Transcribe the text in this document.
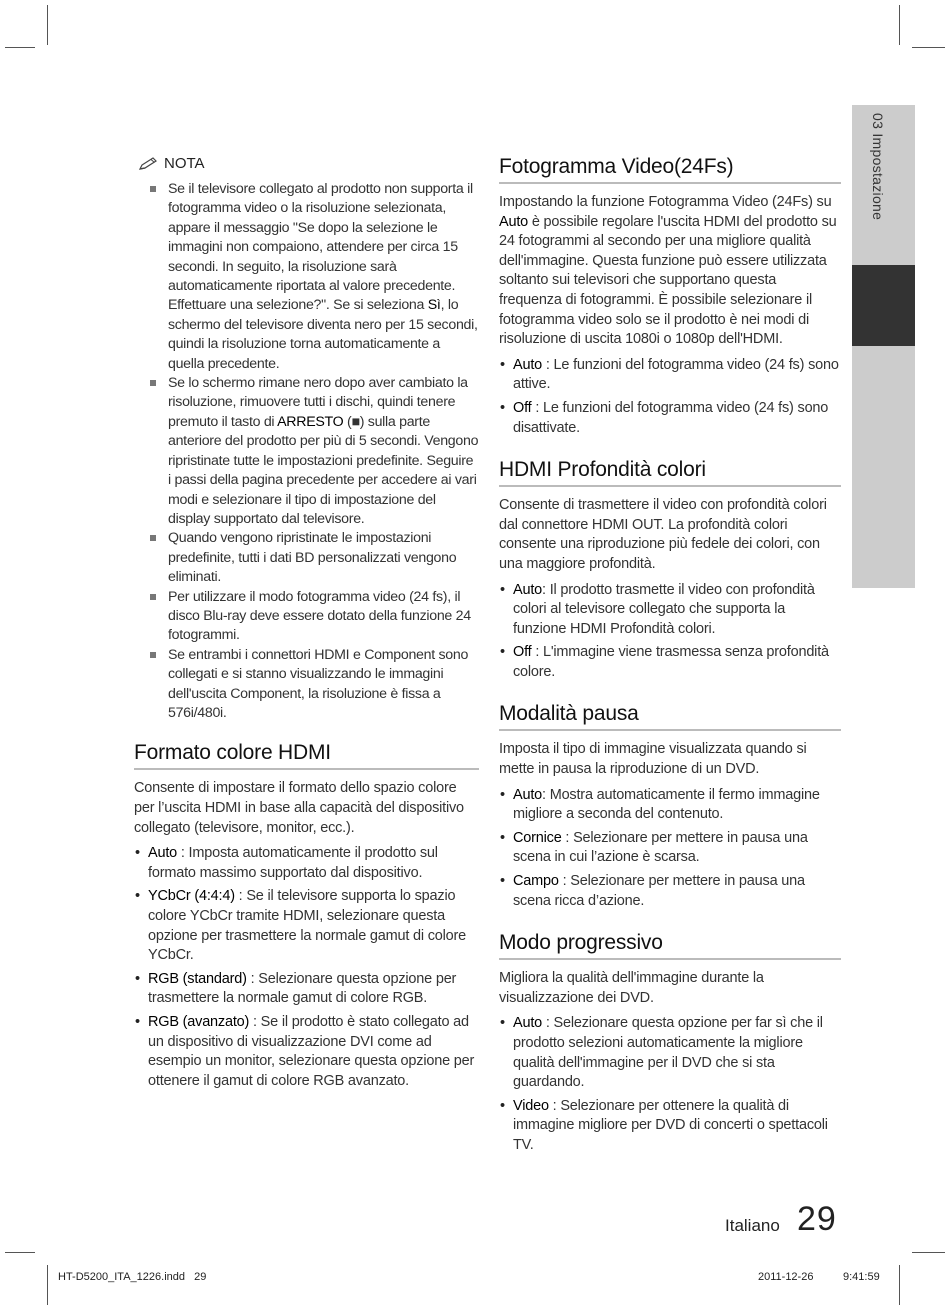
03 Impostazione
NOTA
Se il televisore collegato al prodotto non supporta il fotogramma video o la risoluzione selezionata, appare il messaggio "Se dopo la selezione le immagini non compaiono, attendere per circa 15 secondi. In seguito, la risoluzione sarà automaticamente riportata al valore precedente. Effettuare una selezione?". Se si seleziona Sì, lo schermo del televisore diventa nero per 15 secondi, quindi la risoluzione torna automaticamente a quella precedente.
Se lo schermo rimane nero dopo aver cambiato la risoluzione, rimuovere tutti i dischi, quindi tenere premuto il tasto di ARRESTO (■) sulla parte anteriore del prodotto per più di 5 secondi. Vengono ripristinate tutte le impostazioni predefinite. Seguire i passi della pagina precedente per accedere ai vari modi e selezionare il tipo di impostazione del display supportato dal televisore.
Quando vengono ripristinate le impostazioni predefinite, tutti i dati BD personalizzati vengono eliminati.
Per utilizzare il modo fotogramma video (24 fs), il disco Blu-ray deve essere dotato della funzione 24 fotogrammi.
Se entrambi i connettori HDMI e Component sono collegati e si stanno visualizzando le immagini dell'uscita Component, la risoluzione è fissa a 576i/480i.
Formato colore HDMI

Consente di impostare il formato dello spazio colore per l’uscita HDMI in base alla capacità del dispositivo collegato (televisore, monitor, ecc.).

• Auto : Imposta automaticamente il prodotto sul formato massimo supportato dal dispositivo.
• YCbCr (4:4:4) : Se il televisore supporta lo spazio colore YCbCr tramite HDMI, selezionare questa opzione per trasmettere la normale gamut di colore YCbCr.
• RGB (standard) : Selezionare questa opzione per trasmettere la normale gamut di colore RGB.
• RGB (avanzato) : Se il prodotto è stato collegato ad un dispositivo di visualizzazione DVI come ad esempio un monitor, selezionare questa opzione per ottenere il gamut di colore RGB avanzato.
Fotogramma Video(24Fs)

Impostando la funzione Fotogramma Video (24Fs) su Auto è possibile regolare l'uscita HDMI del prodotto su 24 fotogrammi al secondo per una migliore qualità dell'immagine. Questa funzione può essere utilizzata soltanto sui televisori che supportano questa frequenza di fotogrammi. È possibile selezionare il fotogramma video solo se il prodotto è nei modi di risoluzione di uscita 1080i o 1080p dell'HDMI.

• Auto : Le funzioni del fotogramma video (24 fs) sono attive.
• Off : Le funzioni del fotogramma video (24 fs) sono disattivate.
HDMI Profondità colori

Consente di trasmettere il video con profondità colori dal connettore HDMI OUT. La profondità colori consente una riproduzione più fedele dei colori, con una maggiore profondità.

• Auto: Il prodotto trasmette il video con profondità colori al televisore collegato che supporta la funzione HDMI Profondità colori.
• Off : L'immagine viene trasmessa senza profondità colore.
Modalità pausa

Imposta il tipo di immagine visualizzata quando si mette in pausa la riproduzione di un DVD.

• Auto: Mostra automaticamente il fermo immagine migliore a seconda del contenuto.
• Cornice : Selezionare per mettere in pausa una scena in cui l’azione è scarsa.
• Campo : Selezionare per mettere in pausa una scena ricca d’azione.
Modo progressivo

Migliora la qualità dell'immagine durante la visualizzazione dei DVD.

• Auto : Selezionare questa opzione per far sì che il prodotto selezioni automaticamente la migliore qualità dell'immagine per il DVD che si sta guardando.
• Video : Selezionare per ottenere la qualità di immagine migliore per DVD di concerti o spettacoli TV.
Italiano 29
HT-D5200_ITA_1226.indd   29	2011-12-26	9:41:59
